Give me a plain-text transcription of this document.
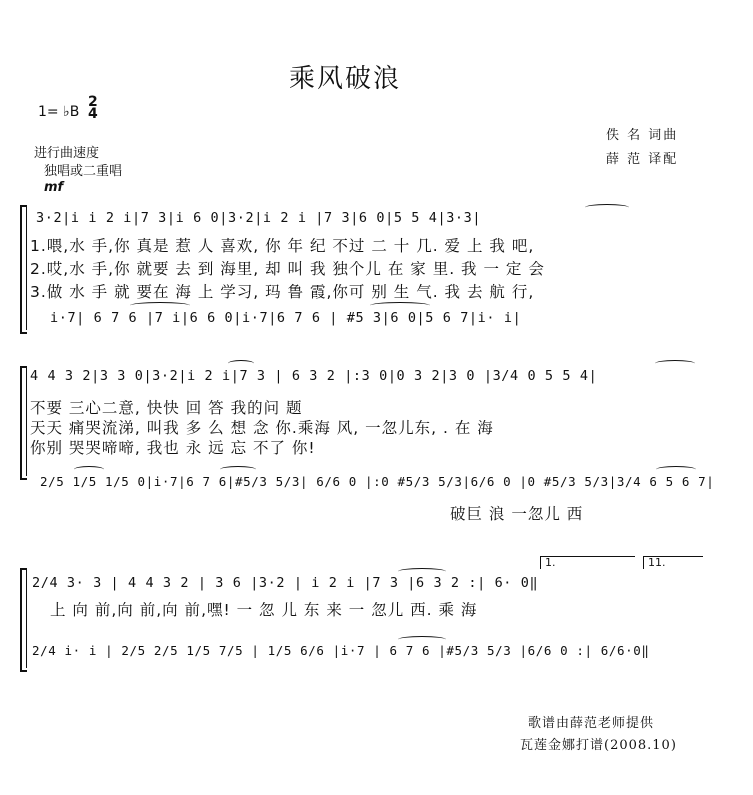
乘风破浪
1= ♭B
2
4
进行曲速度
独唱或二重唱
mf
佚 名 词曲
薛 范 译配
3·2|i i 2 i|7 3|i 6 0|3·2|i 2 i |7 3|6 0|5 5 4|3·3|
1.喂,水 手,你 真是 惹 人 喜欢, 你 年 纪 不过 二 十 几. 爱 上 我 吧,
2.哎,水 手,你 就要 去 到 海里, 却 叫 我 独个儿 在 家 里. 我 一 定 会
3.做 水 手 就 要在 海 上 学习, 玛 鲁 霞,你可 别 生 气. 我 去 航 行,
i·7| 6 7 6 |7 i|6 6 0|i·7|6 7 6 | #5 3|6 0|5 6 7|i· i|
4 4 3 2|3 3 0|3·2|i 2 i|7 3 | 6 3 2 |:3 0|0 3 2|3 0 |3/4 0 5 5 4|
不要 三心二意, 快快 回 答 我的问 题
天天 痛哭流涕, 叫我 多 么 想 念 你.乘海 风, 一忽儿东, . 在 海
你别 哭哭啼啼, 我也 永 远 忘 不了 你!
2/5 1/5 1/5 0|i·7|6 7 6|#5/3 5/3| 6/6 0 |:0 #5/3 5/3|6/6 0 |0 #5/3 5/3|3/4 6 5 6 7|
破巨 浪 一忽儿 西
1.	11.
2/4 3· 3 | 4 4 3 2 | 3 6 |3·2 | i 2 i |7 3 |6 3 2 :| 6· 0‖
上 向 前,向 前,向 前,嘿! 一 忽 儿 东 来 一 忽儿 西. 乘 海
2/4 i· i | 2/5 2/5 1/5 7/5 | 1/5 6/6 |i·7 | 6 7 6 |#5/3 5/3 |6/6 0 :| 6/6·0‖
歌谱由薛范老师提供
瓦莲金娜打谱(2008.10)
